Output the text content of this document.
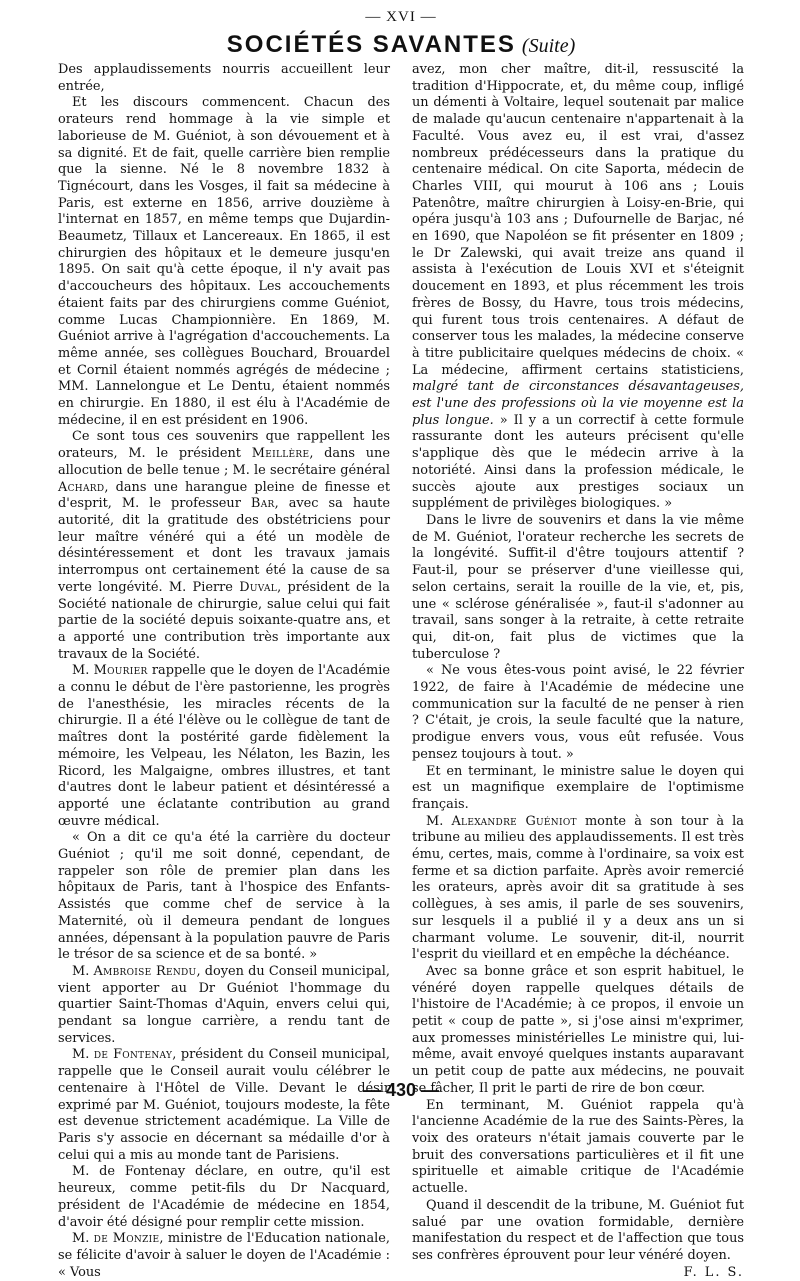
— XVI —
SOCIÉTÉS SAVANTES (Suite)

Des applaudissements nourris accueillent leur entrée,

Et les discours commencent. Chacun des orateurs rend hommage à la vie simple et laborieuse de M. Guéniot, à son dévouement et à sa dignité. Et de fait, quelle carrière bien remplie que la sienne. Né le 8 novembre 1832 à Tignécourt, dans les Vosges, il fait sa médecine à Paris, est externe en 1856, arrive douzième à l'internat en 1857, en même temps que Dujardin-Beaumetz, Tillaux et Lancereaux. En 1865, il est chirurgien des hôpitaux et le demeure jusqu'en 1895. On sait qu'à cette époque, il n'y avait pas d'accoucheurs des hôpitaux. Les accouchements étaient faits par des chirurgiens comme Guéniot, comme Lucas Championnière. En 1869, M. Guéniot arrive à l'agrégation d'accouchements. La même année, ses collègues Bouchard, Brouardel et Cornil étaient nommés agrégés de médecine ; MM. Lannelongue et Le Dentu, étaient nommés en chirurgie. En 1880, il est élu à l'Académie de médecine, il en est président en 1906.

Ce sont tous ces souvenirs que rappellent les orateurs, M. le président Meillère, dans une allocution de belle tenue ; M. le secrétaire général Achard, dans une harangue pleine de finesse et d'esprit, M. le professeur Bar, avec sa haute autorité, dit la gratitude des obstétriciens pour leur maître vénéré qui a été un modèle de désintéressement et dont les travaux jamais interrompus ont certainement été la cause de sa verte longévité. M. Pierre Duval, président de la Société nationale de chirurgie, salue celui qui fait partie de la société depuis soixante-quatre ans, et a apporté une contribution très importante aux travaux de la Société.

M. Mourier rappelle que le doyen de l'Académie a connu le début de l'ère pastorienne, les progrès de l'anesthésie, les miracles récents de la chirurgie. Il a été l'élève ou le collègue de tant de maîtres dont la postérité garde fidèlement la mémoire, les Velpeau, les Nélaton, les Bazin, les Ricord, les Malgaigne, ombres illustres, et tant d'autres dont le labeur patient et désintéressé a apporté une éclatante contribution au grand œuvre médical.

« On a dit ce qu'a été la carrière du docteur Guéniot ; qu'il me soit donné, cependant, de rappeler son rôle de premier plan dans les hôpitaux de Paris, tant à l'hospice des Enfants-Assistés que comme chef de service à la Maternité, où il demeura pendant de longues années, dépensant à la population pauvre de Paris le trésor de sa science et de sa bonté. »

M. Ambroise Rendu, doyen du Conseil municipal, vient apporter au Dr Guéniot l'hommage du quartier Saint-Thomas d'Aquin, envers celui qui, pendant sa longue carrière, a rendu tant de services.

M. de Fontenay, président du Conseil municipal, rappelle que le Conseil aurait voulu célébrer le centenaire à l'Hôtel de Ville. Devant le désir exprimé par M. Guéniot, toujours modeste, la fête est devenue strictement académique. La Ville de Paris s'y associe en décernant sa médaille d'or à celui qui a mis au monde tant de Parisiens.

M. de Fontenay déclare, en outre, qu'il est heureux, comme petit-fils du Dr Nacquard, président de l'Académie de médecine en 1854, d'avoir été désigné pour remplir cette mission.

M. de Monzie, ministre de l'Education nationale, se félicite d'avoir à saluer le doyen de l'Académie : « Vous

avez, mon cher maître, dit-il, ressuscité la tradition d'Hippocrate, et, du même coup, infligé un démenti à Voltaire, lequel soutenait par malice de malade qu'aucun centenaire n'appartenait à la Faculté. Vous avez eu, il est vrai, d'assez nombreux prédécesseurs dans la pratique du centenaire médical. On cite Saporta, médecin de Charles VIII, qui mourut à 106 ans ; Louis Patenôtre, maître chirurgien à Loisy-en-Brie, qui opéra jusqu'à 103 ans ; Dufournelle de Barjac, né en 1690, que Napoléon se fit présenter en 1809 ; le Dr Zalewski, qui avait treize ans quand il assista à l'exécution de Louis XVI et s'éteignit doucement en 1893, et plus récemment les trois frères de Bossy, du Havre, tous trois médecins, qui furent tous trois centenaires. A défaut de conserver tous les malades, la médecine conserve à titre publicitaire quelques médecins de choix. « La médecine, affirment certains statisticiens, malgré tant de circonstances désavantageuses, est l'une des professions où la vie moyenne est la plus longue. » Il y a un correctif à cette formule rassurante dont les auteurs précisent qu'elle s'applique dès que le médecin arrive à la notoriété. Ainsi dans la profession médicale, le succès ajoute aux prestiges sociaux un supplément de privilèges biologiques. »

Dans le livre de souvenirs et dans la vie même de M. Guéniot, l'orateur recherche les secrets de la longévité. Suffit-il d'être toujours attentif ? Faut-il, pour se préserver d'une vieillesse qui, selon certains, serait la rouille de la vie, et, pis, une « sclérose généralisée », faut-il s'adonner au travail, sans songer à la retraite, à cette retraite qui, dit-on, fait plus de victimes que la tuberculose ?

« Ne vous êtes-vous point avisé, le 22 février 1922, de faire à l'Académie de médecine une communication sur la faculté de ne penser à rien ? C'était, je crois, la seule faculté que la nature, prodigue envers vous, vous eût refusée. Vous pensez toujours à tout. »

Et en terminant, le ministre salue le doyen qui est un magnifique exemplaire de l'optimisme français.

M. Alexandre Guéniot monte à son tour à la tribune au milieu des applaudissements. Il est très ému, certes, mais, comme à l'ordinaire, sa voix est ferme et sa diction parfaite. Après avoir remercié les orateurs, après avoir dit sa gratitude à ses collègues, à ses amis, il parle de ses souvenirs, sur lesquels il a publié il y a deux ans un si charmant volume. Le souvenir, dit-il, nourrit l'esprit du vieillard et en empêche la déchéance.

Avec sa bonne grâce et son esprit habituel, le vénéré doyen rappelle quelques détails de l'histoire de l'Académie; à ce propos, il envoie un petit « coup de patte », si j'ose ainsi m'exprimer, aux promesses ministérielles Le ministre qui, lui-même, avait envoyé quelques instants auparavant un petit coup de patte aux médecins, ne pouvait se fâcher, Il prit le parti de rire de bon cœur.

En terminant, M. Guéniot rappela qu'à l'ancienne Académie de la rue des Saints-Pères, la voix des orateurs n'était jamais couverte par le bruit des conversations particulières et il fit une spirituelle et aimable critique de l'Académie actuelle.

Quand il descendit de la tribune, M. Guéniot fut salué par une ovation formidable, dernière manifestation du respect et de l'affection que tous ses confrères éprouvent pour leur vénéré doyen.
F. L. S.

— 430 —
